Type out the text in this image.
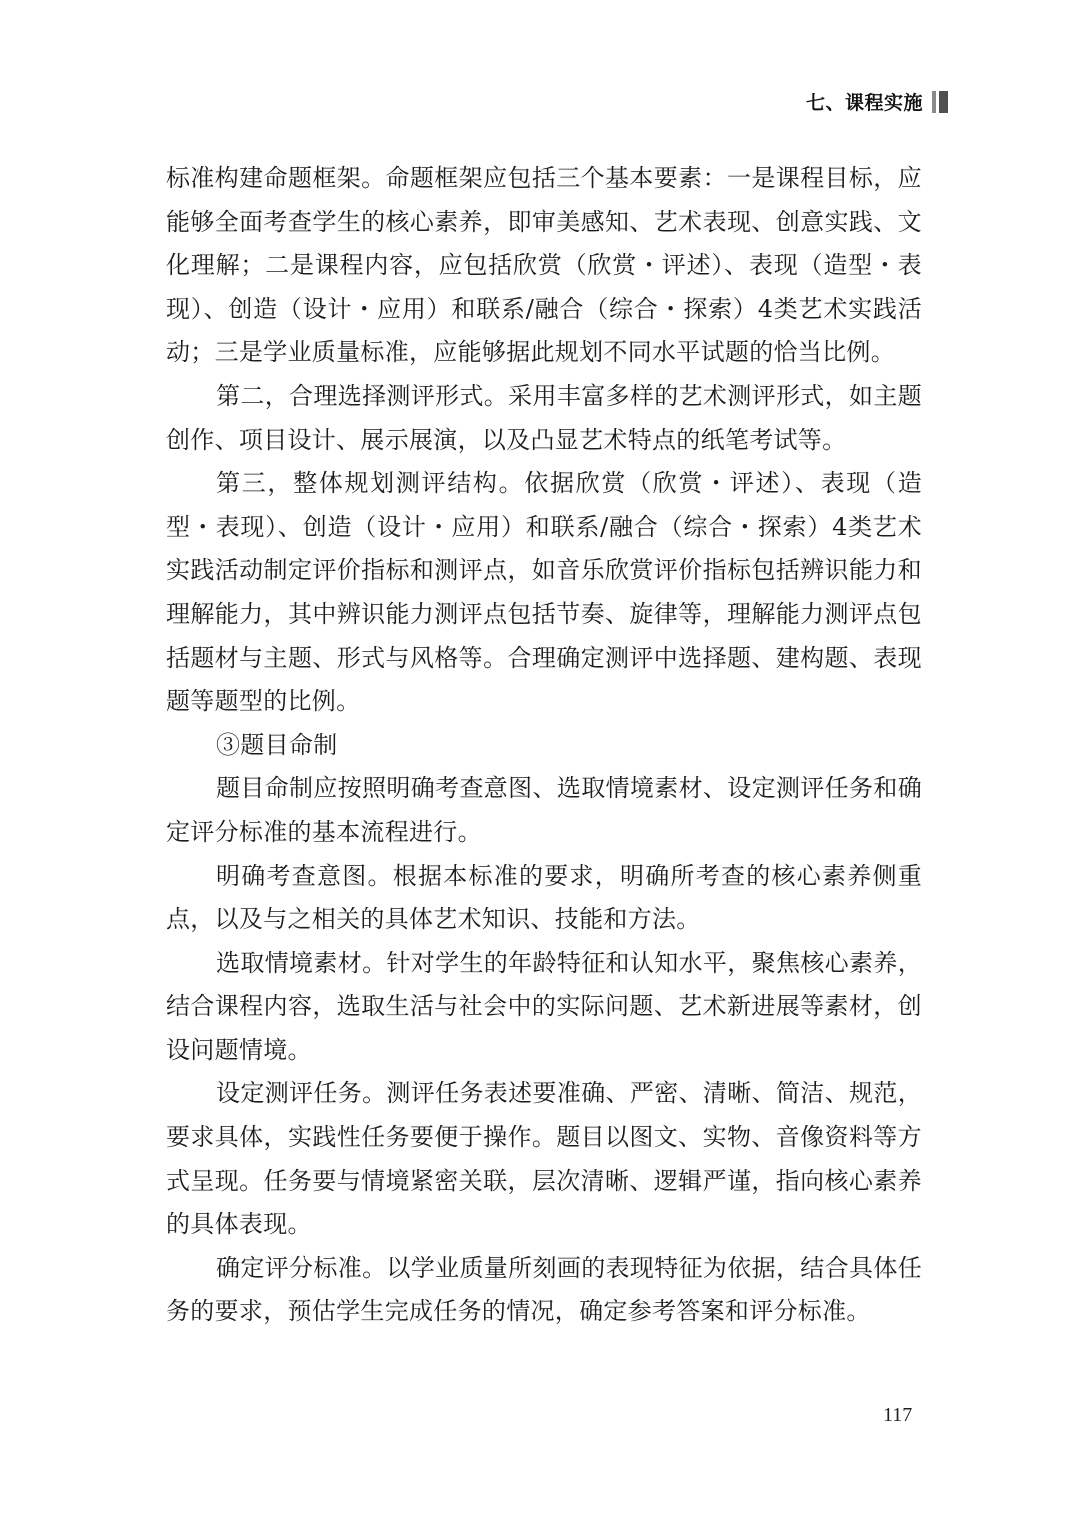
七、课程实施

标准构建命题框架。命题框架应包括三个基本要素：一是课程目标，应能够全面考查学生的核心素养，即审美感知、艺术表现、创意实践、文化理解；二是课程内容，应包括欣赏（欣赏・评述）、表现（造型・表现）、创造（设计・应用）和联系/融合（综合・探索）4类艺术实践活动；三是学业质量标准，应能够据此规划不同水平试题的恰当比例。

第二，合理选择测评形式。采用丰富多样的艺术测评形式，如主题创作、项目设计、展示展演，以及凸显艺术特点的纸笔考试等。

第三，整体规划测评结构。依据欣赏（欣赏・评述）、表现（造型・表现）、创造（设计・应用）和联系/融合（综合・探索）4类艺术实践活动制定评价指标和测评点，如音乐欣赏评价指标包括辨识能力和理解能力，其中辨识能力测评点包括节奏、旋律等，理解能力测评点包括题材与主题、形式与风格等。合理确定测评中选择题、建构题、表现题等题型的比例。

③题目命制

题目命制应按照明确考查意图、选取情境素材、设定测评任务和确定评分标准的基本流程进行。

明确考查意图。根据本标准的要求，明确所考查的核心素养侧重点，以及与之相关的具体艺术知识、技能和方法。

选取情境素材。针对学生的年龄特征和认知水平，聚焦核心素养，结合课程内容，选取生活与社会中的实际问题、艺术新进展等素材，创设问题情境。

设定测评任务。测评任务表述要准确、严密、清晰、简洁、规范，要求具体，实践性任务要便于操作。题目以图文、实物、音像资料等方式呈现。任务要与情境紧密关联，层次清晰、逻辑严谨，指向核心素养的具体表现。

确定评分标准。以学业质量所刻画的表现特征为依据，结合具体任务的要求，预估学生完成任务的情况，确定参考答案和评分标准。

117
